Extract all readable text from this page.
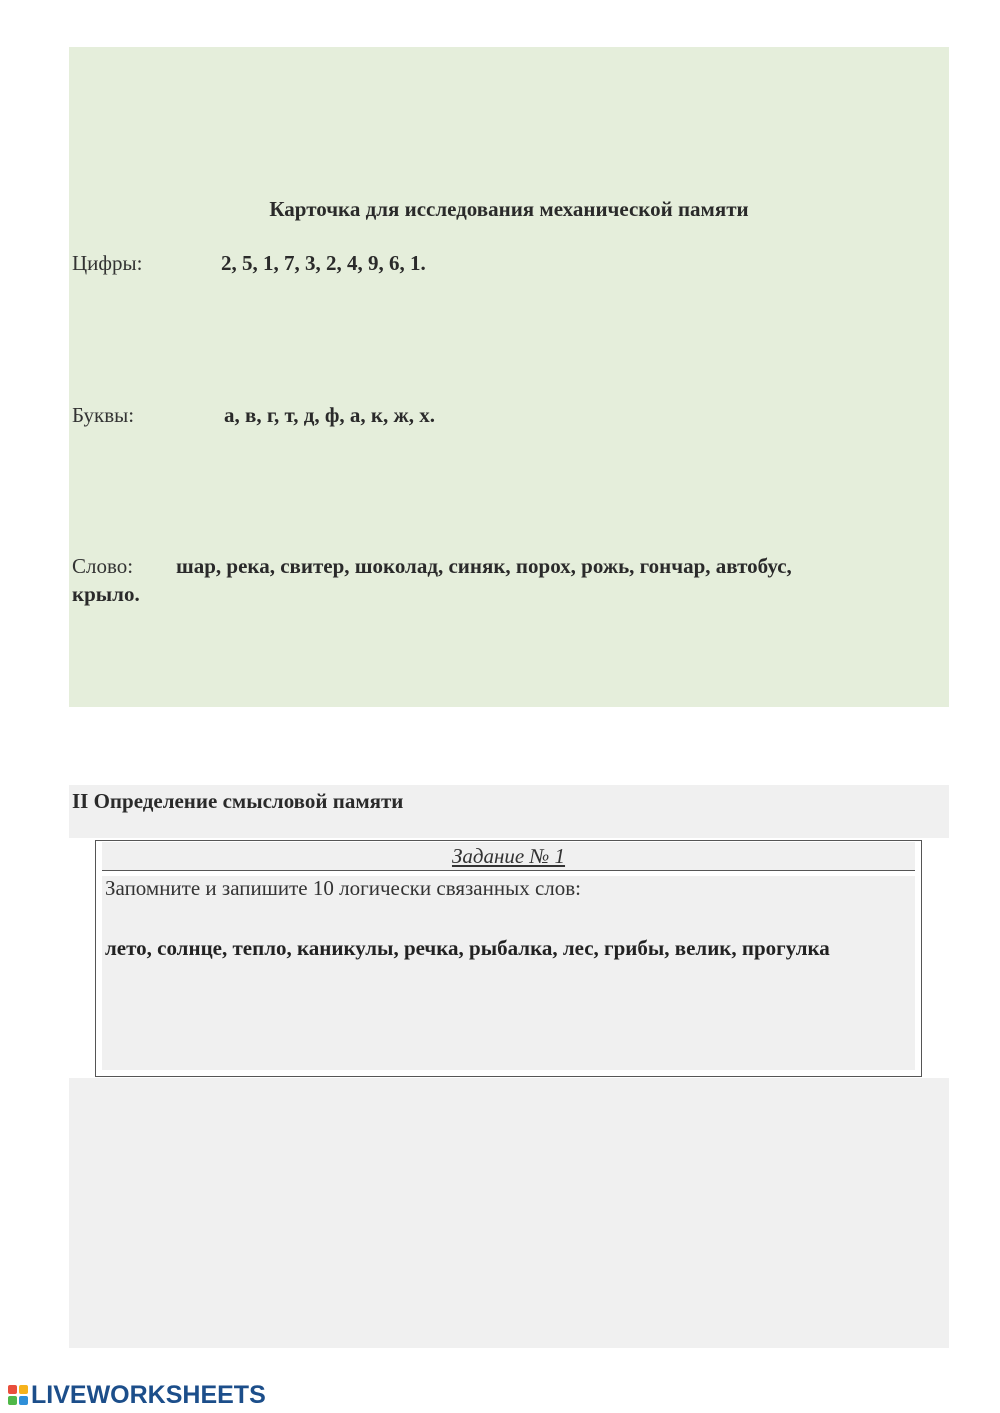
Карточка для исследования механической памяти
Цифры:	2, 5, 1, 7, 3, 2, 4, 9, 6, 1.
Буквы:	а, в, г, т, д, ф, а, к, ж, х.
Слово: шар, река, свитер, шоколад, синяк, порох, рожь, гончар, автобус,
крыло.
II Определение смысловой памяти
Задание № 1
Запомните и запишите 10 логически связанных слов:
лето, солнце, тепло, каникулы, речка, рыбалка, лес, грибы, велик, прогулка
LIVEWORKSHEETS
